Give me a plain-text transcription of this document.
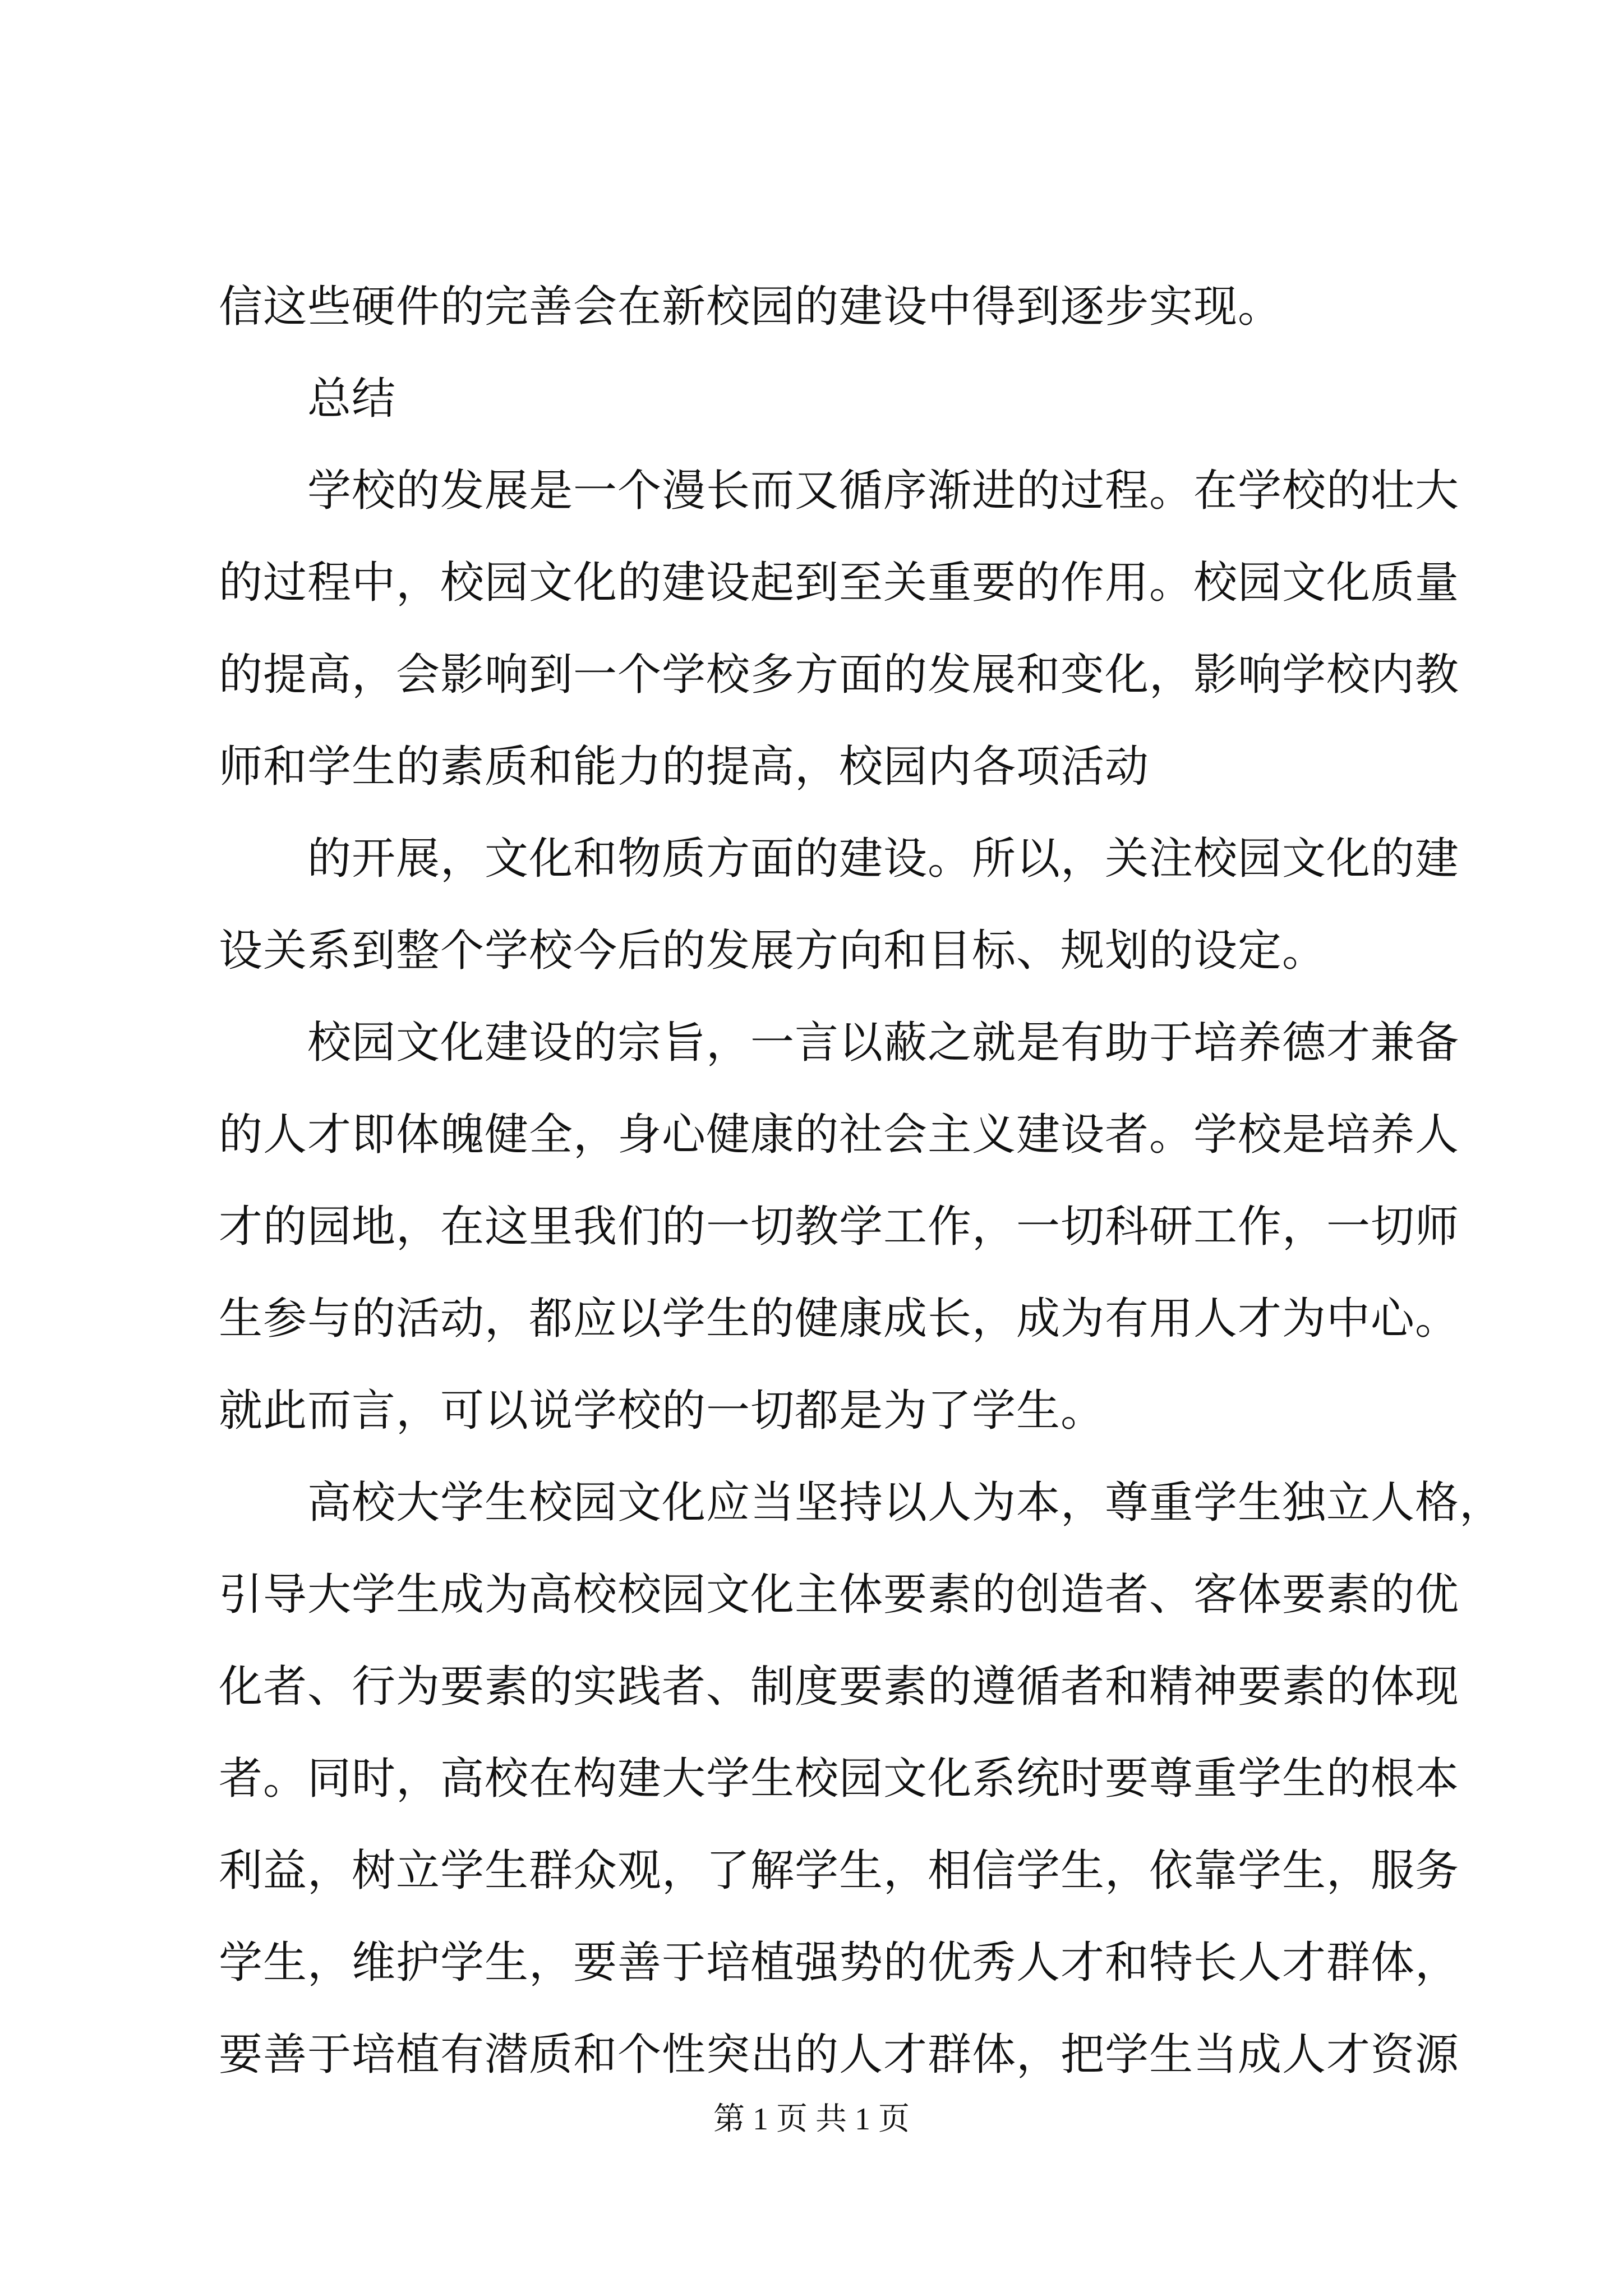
信这些硬件的完善会在新校园的建设中得到逐步实现。
总结
学校的发展是一个漫长而又循序渐进的过程。在学校的壮大
的过程中，校园文化的建设起到至关重要的作用。校园文化质量
的提高，会影响到一个学校多方面的发展和变化，影响学校内教
师和学生的素质和能力的提高，校园内各项活动
的开展，文化和物质方面的建设。所以，关注校园文化的建
设关系到整个学校今后的发展方向和目标、规划的设定。
校园文化建设的宗旨，一言以蔽之就是有助于培养德才兼备
的人才即体魄健全，身心健康的社会主义建设者。学校是培养人
才的园地，在这里我们的一切教学工作，一切科研工作，一切师
生参与的活动，都应以学生的健康成长，成为有用人才为中心。
就此而言，可以说学校的一切都是为了学生。
高校大学生校园文化应当坚持以人为本，尊重学生独立人格，
引导大学生成为高校校园文化主体要素的创造者、客体要素的优
化者、行为要素的实践者、制度要素的遵循者和精神要素的体现
者。同时，高校在构建大学生校园文化系统时要尊重学生的根本
利益，树立学生群众观，了解学生，相信学生，依靠学生，服务
学生，维护学生，要善于培植强势的优秀人才和特长人才群体，
要善于培植有潜质和个性突出的人才群体，把学生当成人才资源
第 1 页 共 1 页
